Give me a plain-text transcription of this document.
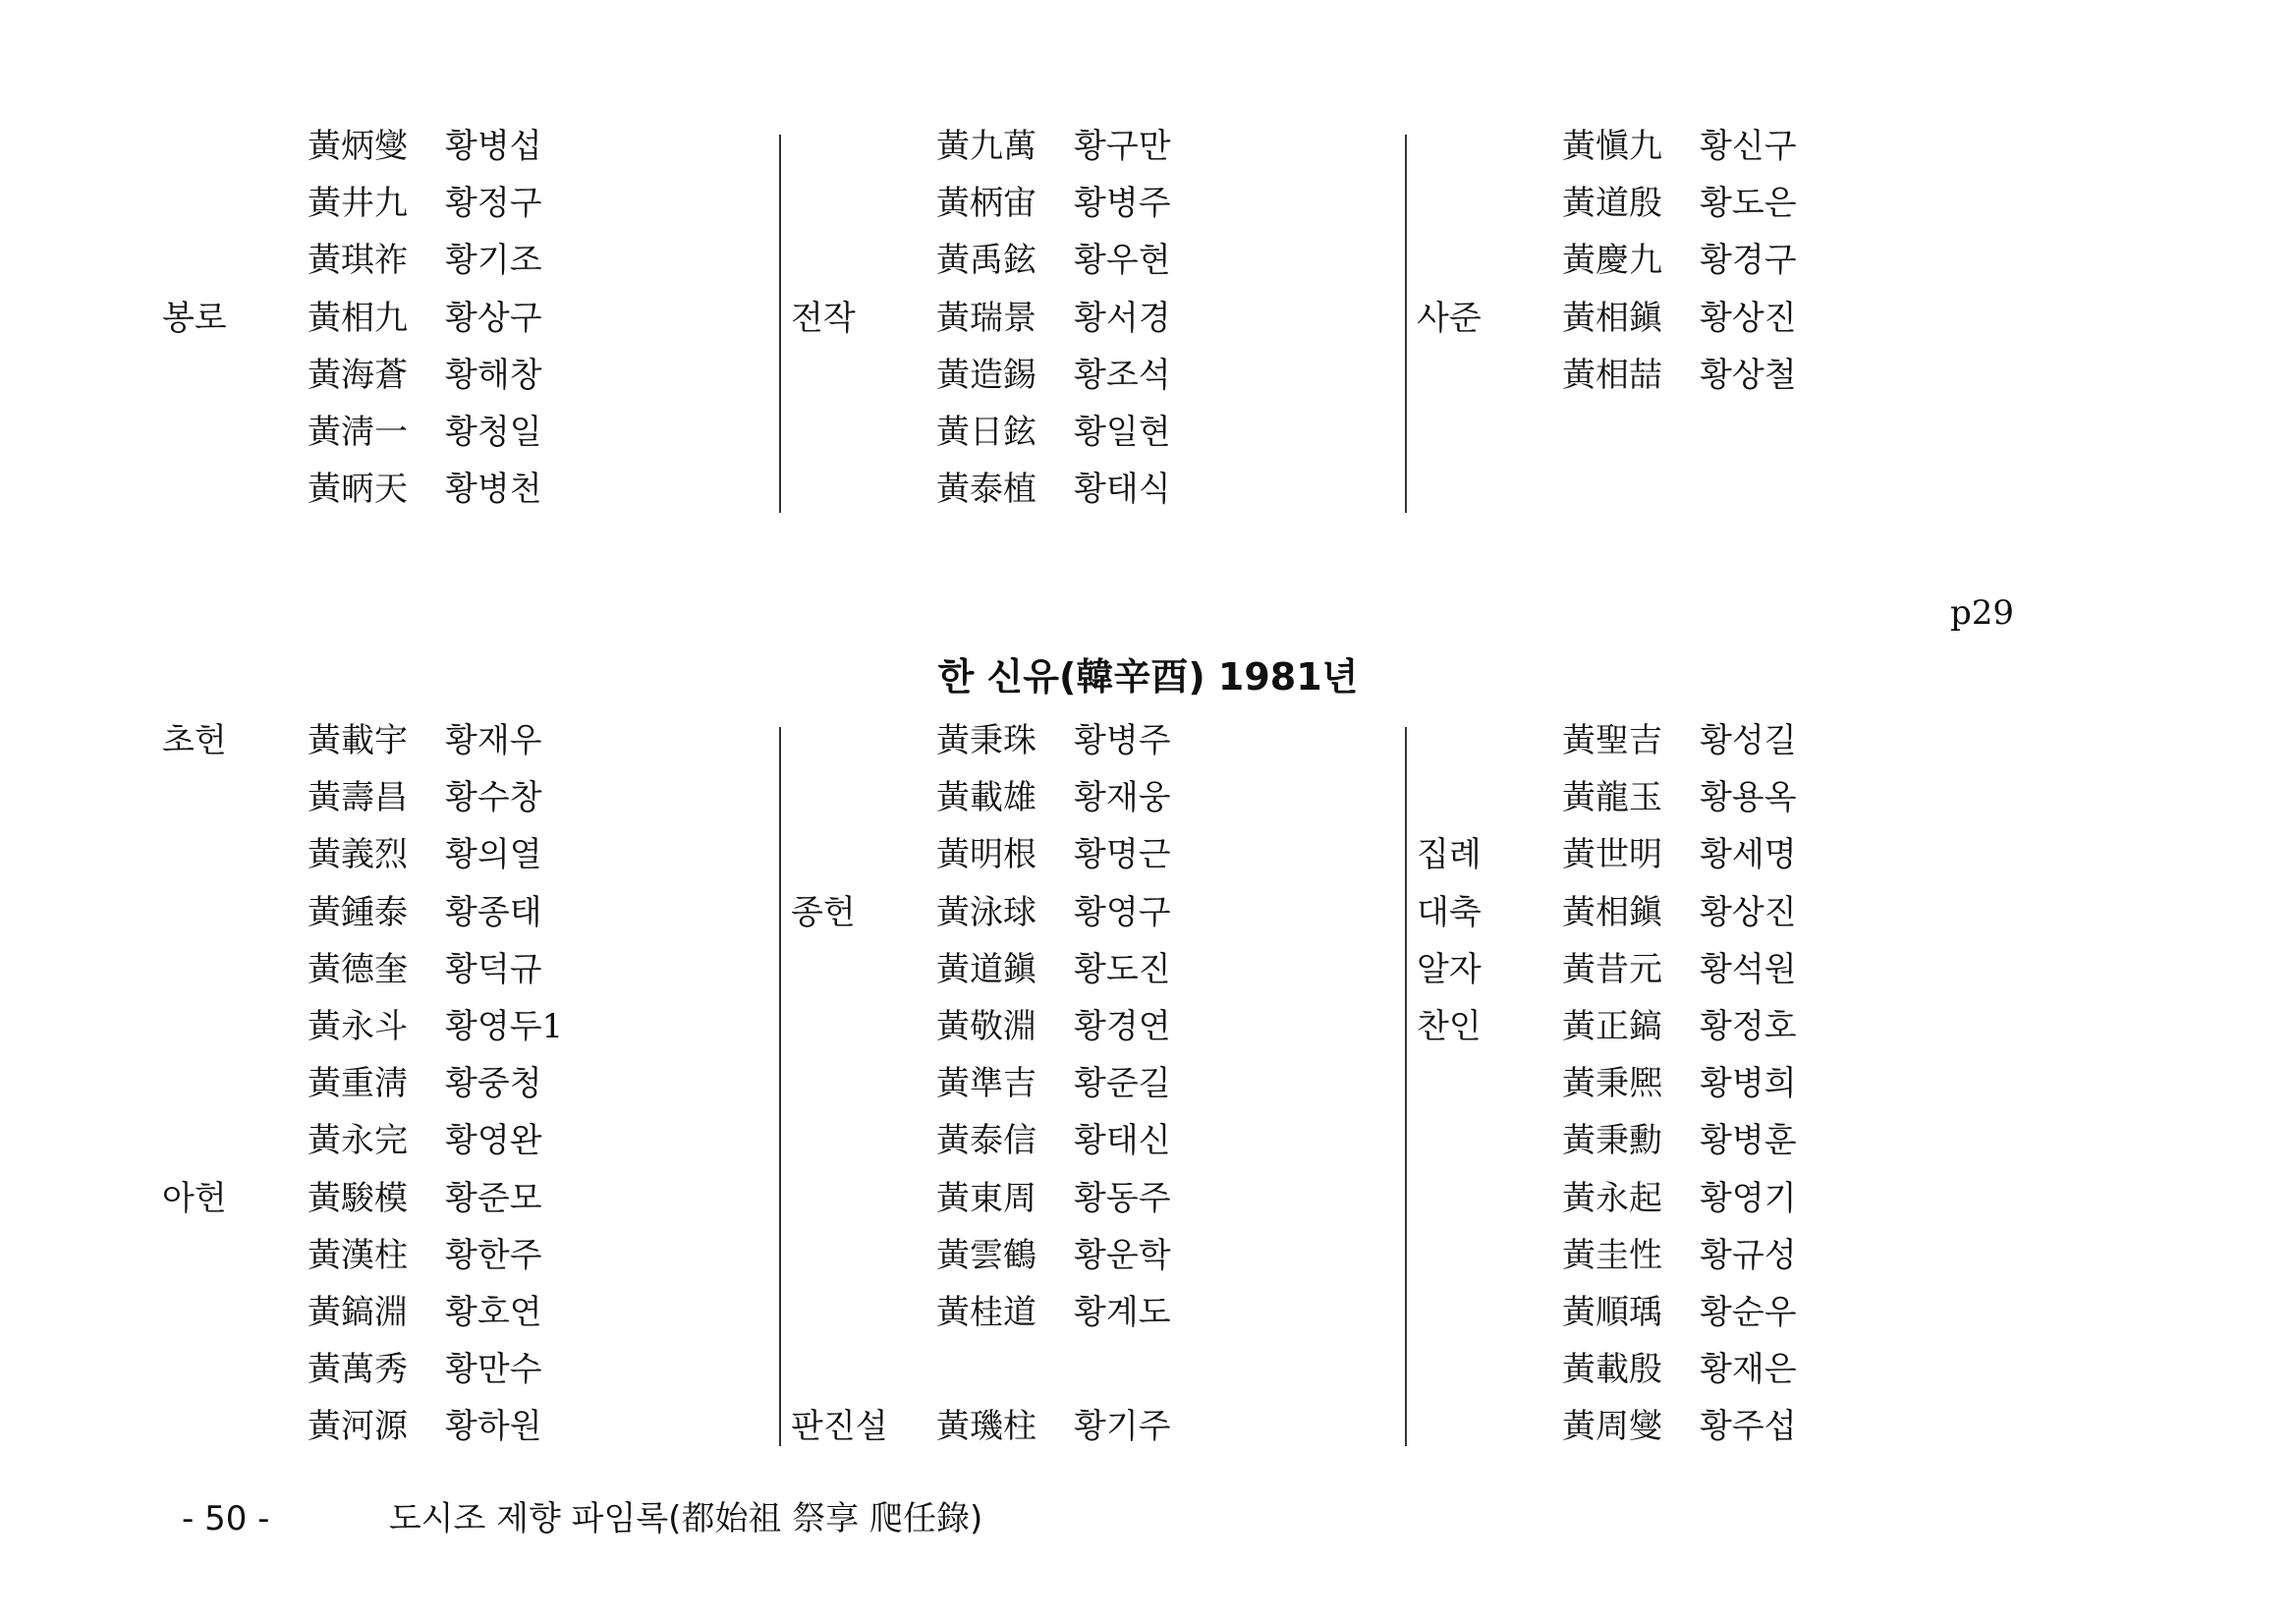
黃炳燮 황병섭
黃井九 황정구
黃琪祚 황기조
봉로 黃相九 황상구
黃海蒼 황해창
黃淸一 황청일
黃昞天 황병천
黃九萬 황구만
黃柄宙 황병주
黃禹鉉 황우현
전작 黃瑞景 황서경
黃造錫 황조석
黃日鉉 황일현
黃泰植 황태식
黃愼九 황신구
黃道殷 황도은
黃慶九 황경구
사준 黃相鎭 황상진
黃相喆 황상철
p29
한 신유(韓辛酉) 1981년
초헌 黃載宇 황재우
黃壽昌 황수창
黃義烈 황의열
黃鍾泰 황종태
黃德奎 황덕규
黃永斗 황영두1
黃重淸 황중청
黃永完 황영완
아헌 黃駿模 황준모
黃漢柱 황한주
黃鎬淵 황호연
黃萬秀 황만수
黃河源 황하원
黃秉珠 황병주
黃載雄 황재웅
黃明根 황명근
종헌 黃泳球 황영구
黃道鎭 황도진
黃敬淵 황경연
黃準吉 황준길
黃泰信 황태신
黃東周 황동주
黃雲鶴 황운학
黃桂道 황계도
판진설 黃璣柱 황기주
黃聖吉 황성길
黃龍玉 황용옥
집례 黃世明 황세명
대축 黃相鎭 황상진
알자 黃昔元 황석원
찬인 黃正鎬 황정호
黃秉熈 황병희
黃秉勳 황병훈
黃永起 황영기
黃圭性 황규성
黃順瑀 황순우
黃載殷 황재은
黃周燮 황주섭
- 50 -	도시조 제향 파임록(都始祖 祭享 爬任錄)
